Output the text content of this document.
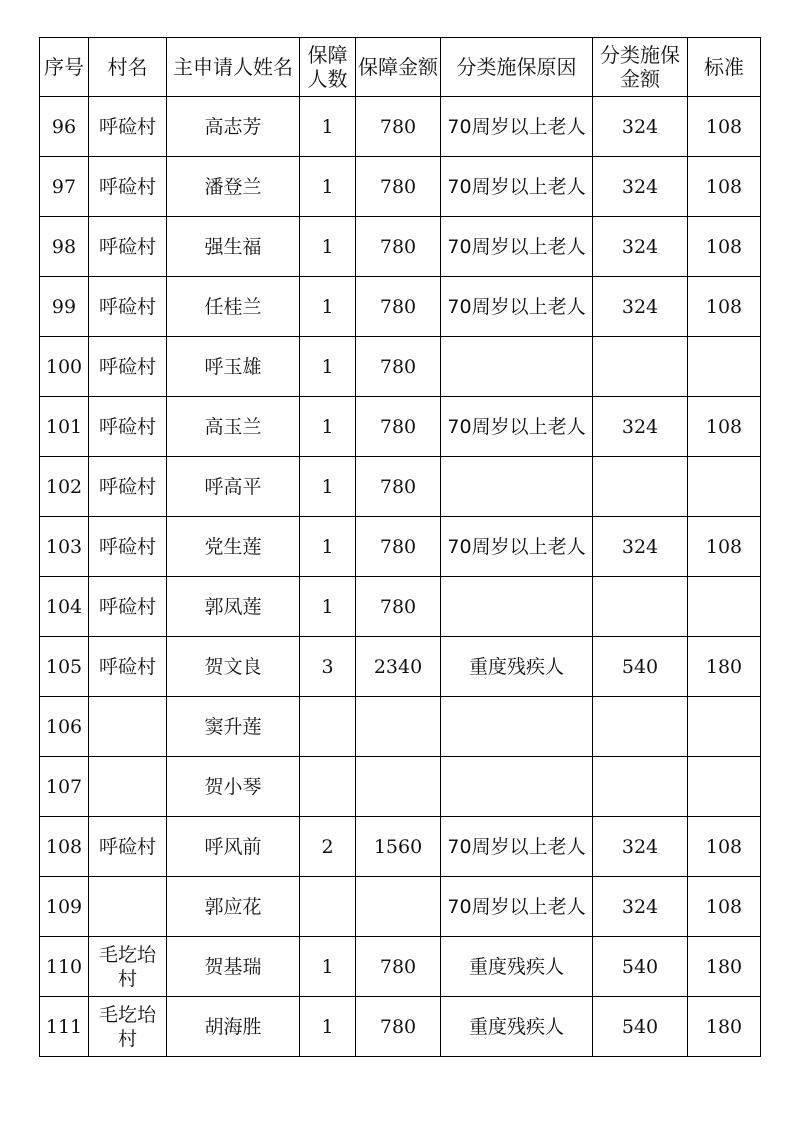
序号	村名	主申请人姓名	保障人数	保障金额	分类施保原因	分类施保金额	标准
96	呼硷村	高志芳	1	780	70周岁以上老人	324	108
97	呼硷村	潘登兰	1	780	70周岁以上老人	324	108
98	呼硷村	强生福	1	780	70周岁以上老人	324	108
99	呼硷村	任桂兰	1	780	70周岁以上老人	324	108
100	呼硷村	呼玉雄	1	780			
101	呼硷村	高玉兰	1	780	70周岁以上老人	324	108
102	呼硷村	呼高平	1	780			
103	呼硷村	党生莲	1	780	70周岁以上老人	324	108
104	呼硷村	郭凤莲	1	780			
105	呼硷村	贺文良	3	2340	重度残疾人	540	180
106		窦升莲					
107		贺小琴					
108	呼硷村	呼风前	2	1560	70周岁以上老人	324	108
109		郭应花			70周岁以上老人	324	108
110	毛圪坮村	贺基瑞	1	780	重度残疾人	540	180
111	毛圪坮村	胡海胜	1	780	重度残疾人	540	180
